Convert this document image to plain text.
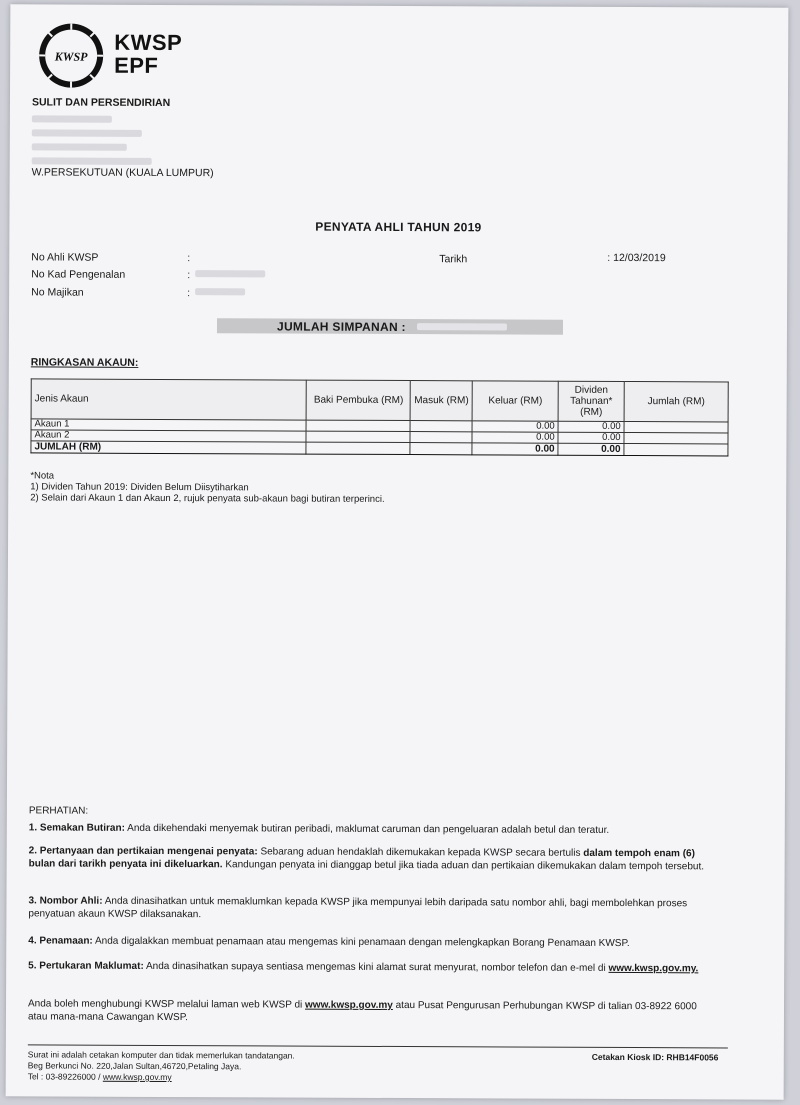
KWSP
KWSP
EPF
SULIT DAN PERSENDIRIAN
W.PERSEKUTUAN (KUALA LUMPUR)
PENYATA AHLI TAHUN 2019
No Ahli KWSP	:
No Kad Pengenalan	:
No Majikan	:
Tarikh	: 12/03/2019
JUMLAH SIMPANAN :
RINGKASAN AKAUN:
Jenis Akaun	Baki Pembuka (RM)	Masuk (RM)	Keluar (RM)	Dividen Tahunan* (RM)	Jumlah (RM)
Akaun 1			0.00	0.00	
Akaun 2			0.00	0.00	
JUMLAH (RM)			0.00	0.00	
*Nota
1) Dividen Tahun 2019: Dividen Belum Diisytiharkan
2) Selain dari Akaun 1 dan Akaun 2, rujuk penyata sub-akaun bagi butiran terperinci.
PERHATIAN:
1. Semakan Butiran: Anda dikehendaki menyemak butiran peribadi, maklumat caruman dan pengeluaran adalah betul dan teratur.
2. Pertanyaan dan pertikaian mengenai penyata: Sebarang aduan hendaklah dikemukakan kepada KWSP secara bertulis dalam tempoh enam (6) bulan dari tarikh penyata ini dikeluarkan. Kandungan penyata ini dianggap betul jika tiada aduan dan pertikaian dikemukakan dalam tempoh tersebut.
3. Nombor Ahli: Anda dinasihatkan untuk memaklumkan kepada KWSP jika mempunyai lebih daripada satu nombor ahli, bagi membolehkan proses penyatuan akaun KWSP dilaksanakan.
4. Penamaan: Anda digalakkan membuat penamaan atau mengemas kini penamaan dengan melengkapkan Borang Penamaan KWSP.
5. Pertukaran Maklumat: Anda dinasihatkan supaya sentiasa mengemas kini alamat surat menyurat, nombor telefon dan e-mel di www.kwsp.gov.my.
Anda boleh menghubungi KWSP melalui laman web KWSP di www.kwsp.gov.my atau Pusat Pengurusan Perhubungan KWSP di talian 03-8922 6000 atau mana-mana Cawangan KWSP.
Surat ini adalah cetakan komputer dan tidak memerlukan tandatangan.
Beg Berkunci No. 220,Jalan Sultan,46720,Petaling Jaya.
Tel : 03-89226000 / www.kwsp.gov.my
Cetakan Kiosk ID: RHB14F0056
